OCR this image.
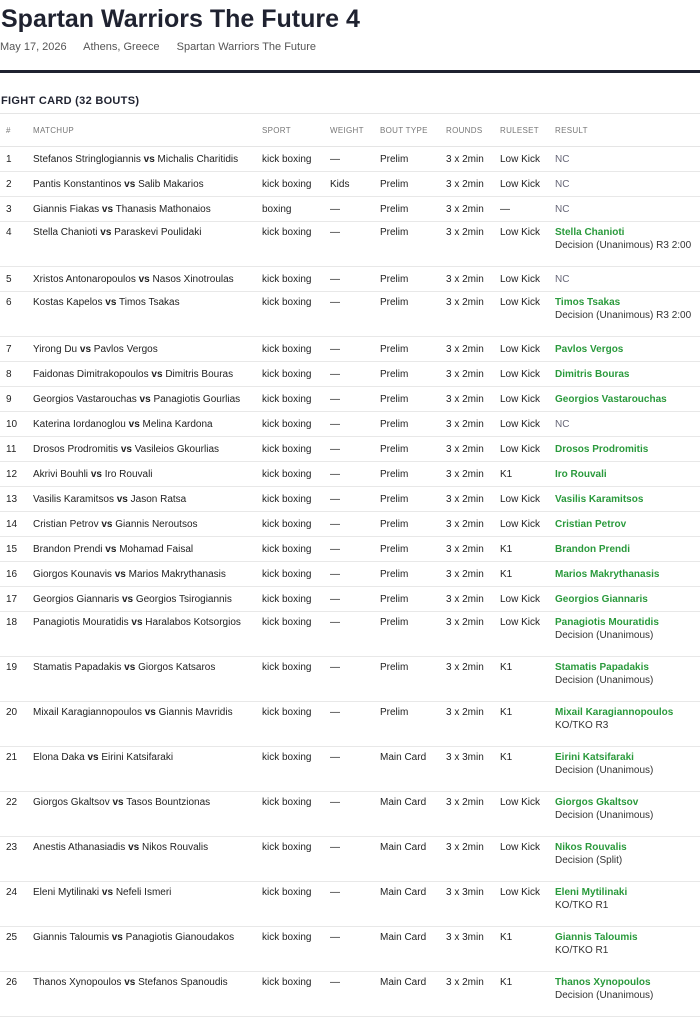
Spartan Warriors The Future 4
May 17, 2026 Athens, Greece Spartan Warriors The Future
FIGHT CARD (32 BOUTS)
#	MATCHUP	SPORT	WEIGHT	BOUT TYPE	ROUNDS	RULESET	RESULT
1	Stefanos Stringlogiannis vs Michalis Charitidis	kick boxing	—	Prelim	3 x 2min	Low Kick	NC

2	Pantis Konstantinos vs Salib Makarios	kick boxing	Kids	Prelim	3 x 2min	Low Kick	NC

3	Giannis Fiakas vs Thanasis Mathonaios	boxing	—	Prelim	3 x 2min	—	NC

4	Stella Chanioti vs Paraskevi Poulidaki	kick boxing	—	Prelim	3 x 2min	Low Kick	Stella Chanioti
Decision (Unanimous) R3 2:00

5	Xristos Antonaropoulos vs Nasos Xinotroulas	kick boxing	—	Prelim	3 x 2min	Low Kick	NC

6	Kostas Kapelos vs Timos Tsakas	kick boxing	—	Prelim	3 x 2min	Low Kick	Timos Tsakas
Decision (Unanimous) R3 2:00

7	Yirong Du vs Pavlos Vergos	kick boxing	—	Prelim	3 x 2min	Low Kick	Pavlos Vergos

8	Faidonas Dimitrakopoulos vs Dimitris Bouras	kick boxing	—	Prelim	3 x 2min	Low Kick	Dimitris Bouras

9	Georgios Vastarouchas vs Panagiotis Gourlias	kick boxing	—	Prelim	3 x 2min	Low Kick	Georgios Vastarouchas

10	Katerina Iordanoglou vs Melina Kardona	kick boxing	—	Prelim	3 x 2min	Low Kick	NC

11	Drosos Prodromitis vs Vasileios Gkourlias	kick boxing	—	Prelim	3 x 2min	Low Kick	Drosos Prodromitis

12	Akrivi Bouhli vs Iro Rouvali	kick boxing	—	Prelim	3 x 2min	K1	Iro Rouvali

13	Vasilis Karamitsos vs Jason Ratsa	kick boxing	—	Prelim	3 x 2min	Low Kick	Vasilis Karamitsos

14	Cristian Petrov vs Giannis Neroutsos	kick boxing	—	Prelim	3 x 2min	Low Kick	Cristian Petrov

15	Brandon Prendi vs Mohamad Faisal	kick boxing	—	Prelim	3 x 2min	K1	Brandon Prendi

16	Giorgos Kounavis vs Marios Makrythanasis	kick boxing	—	Prelim	3 x 2min	K1	Marios Makrythanasis

17	Georgios Giannaris vs Georgios Tsirogiannis	kick boxing	—	Prelim	3 x 2min	Low Kick	Georgios Giannaris

18	Panagiotis Mouratidis vs Haralabos Kotsorgios	kick boxing	—	Prelim	3 x 2min	Low Kick	Panagiotis Mouratidis
Decision (Unanimous)

19	Stamatis Papadakis vs Giorgos Katsaros	kick boxing	—	Prelim	3 x 2min	K1	Stamatis Papadakis
Decision (Unanimous)

20	Mixail Karagiannopoulos vs Giannis Mavridis	kick boxing	—	Prelim	3 x 2min	K1	Mixail Karagiannopoulos
KO/TKO R3

21	Elona Daka vs Eirini Katsifaraki	kick boxing	—	Main Card	3 x 3min	K1	Eirini Katsifaraki
Decision (Unanimous)

22	Giorgos Gkaltsov vs Tasos Bountzionas	kick boxing	—	Main Card	3 x 2min	Low Kick	Giorgos Gkaltsov
Decision (Unanimous)

23	Anestis Athanasiadis vs Nikos Rouvalis	kick boxing	—	Main Card	3 x 2min	Low Kick	Nikos Rouvalis
Decision (Split)

24	Eleni Mytilinaki vs Nefeli Ismeri	kick boxing	—	Main Card	3 x 3min	Low Kick	Eleni Mytilinaki
KO/TKO R1

25	Giannis Taloumis vs Panagiotis Gianoudakos	kick boxing	—	Main Card	3 x 3min	K1	Giannis Taloumis
KO/TKO R1

26	Thanos Xynopoulos vs Stefanos Spanoudis	kick boxing	—	Main Card	3 x 2min	K1	Thanos Xynopoulos
Decision (Unanimous)
